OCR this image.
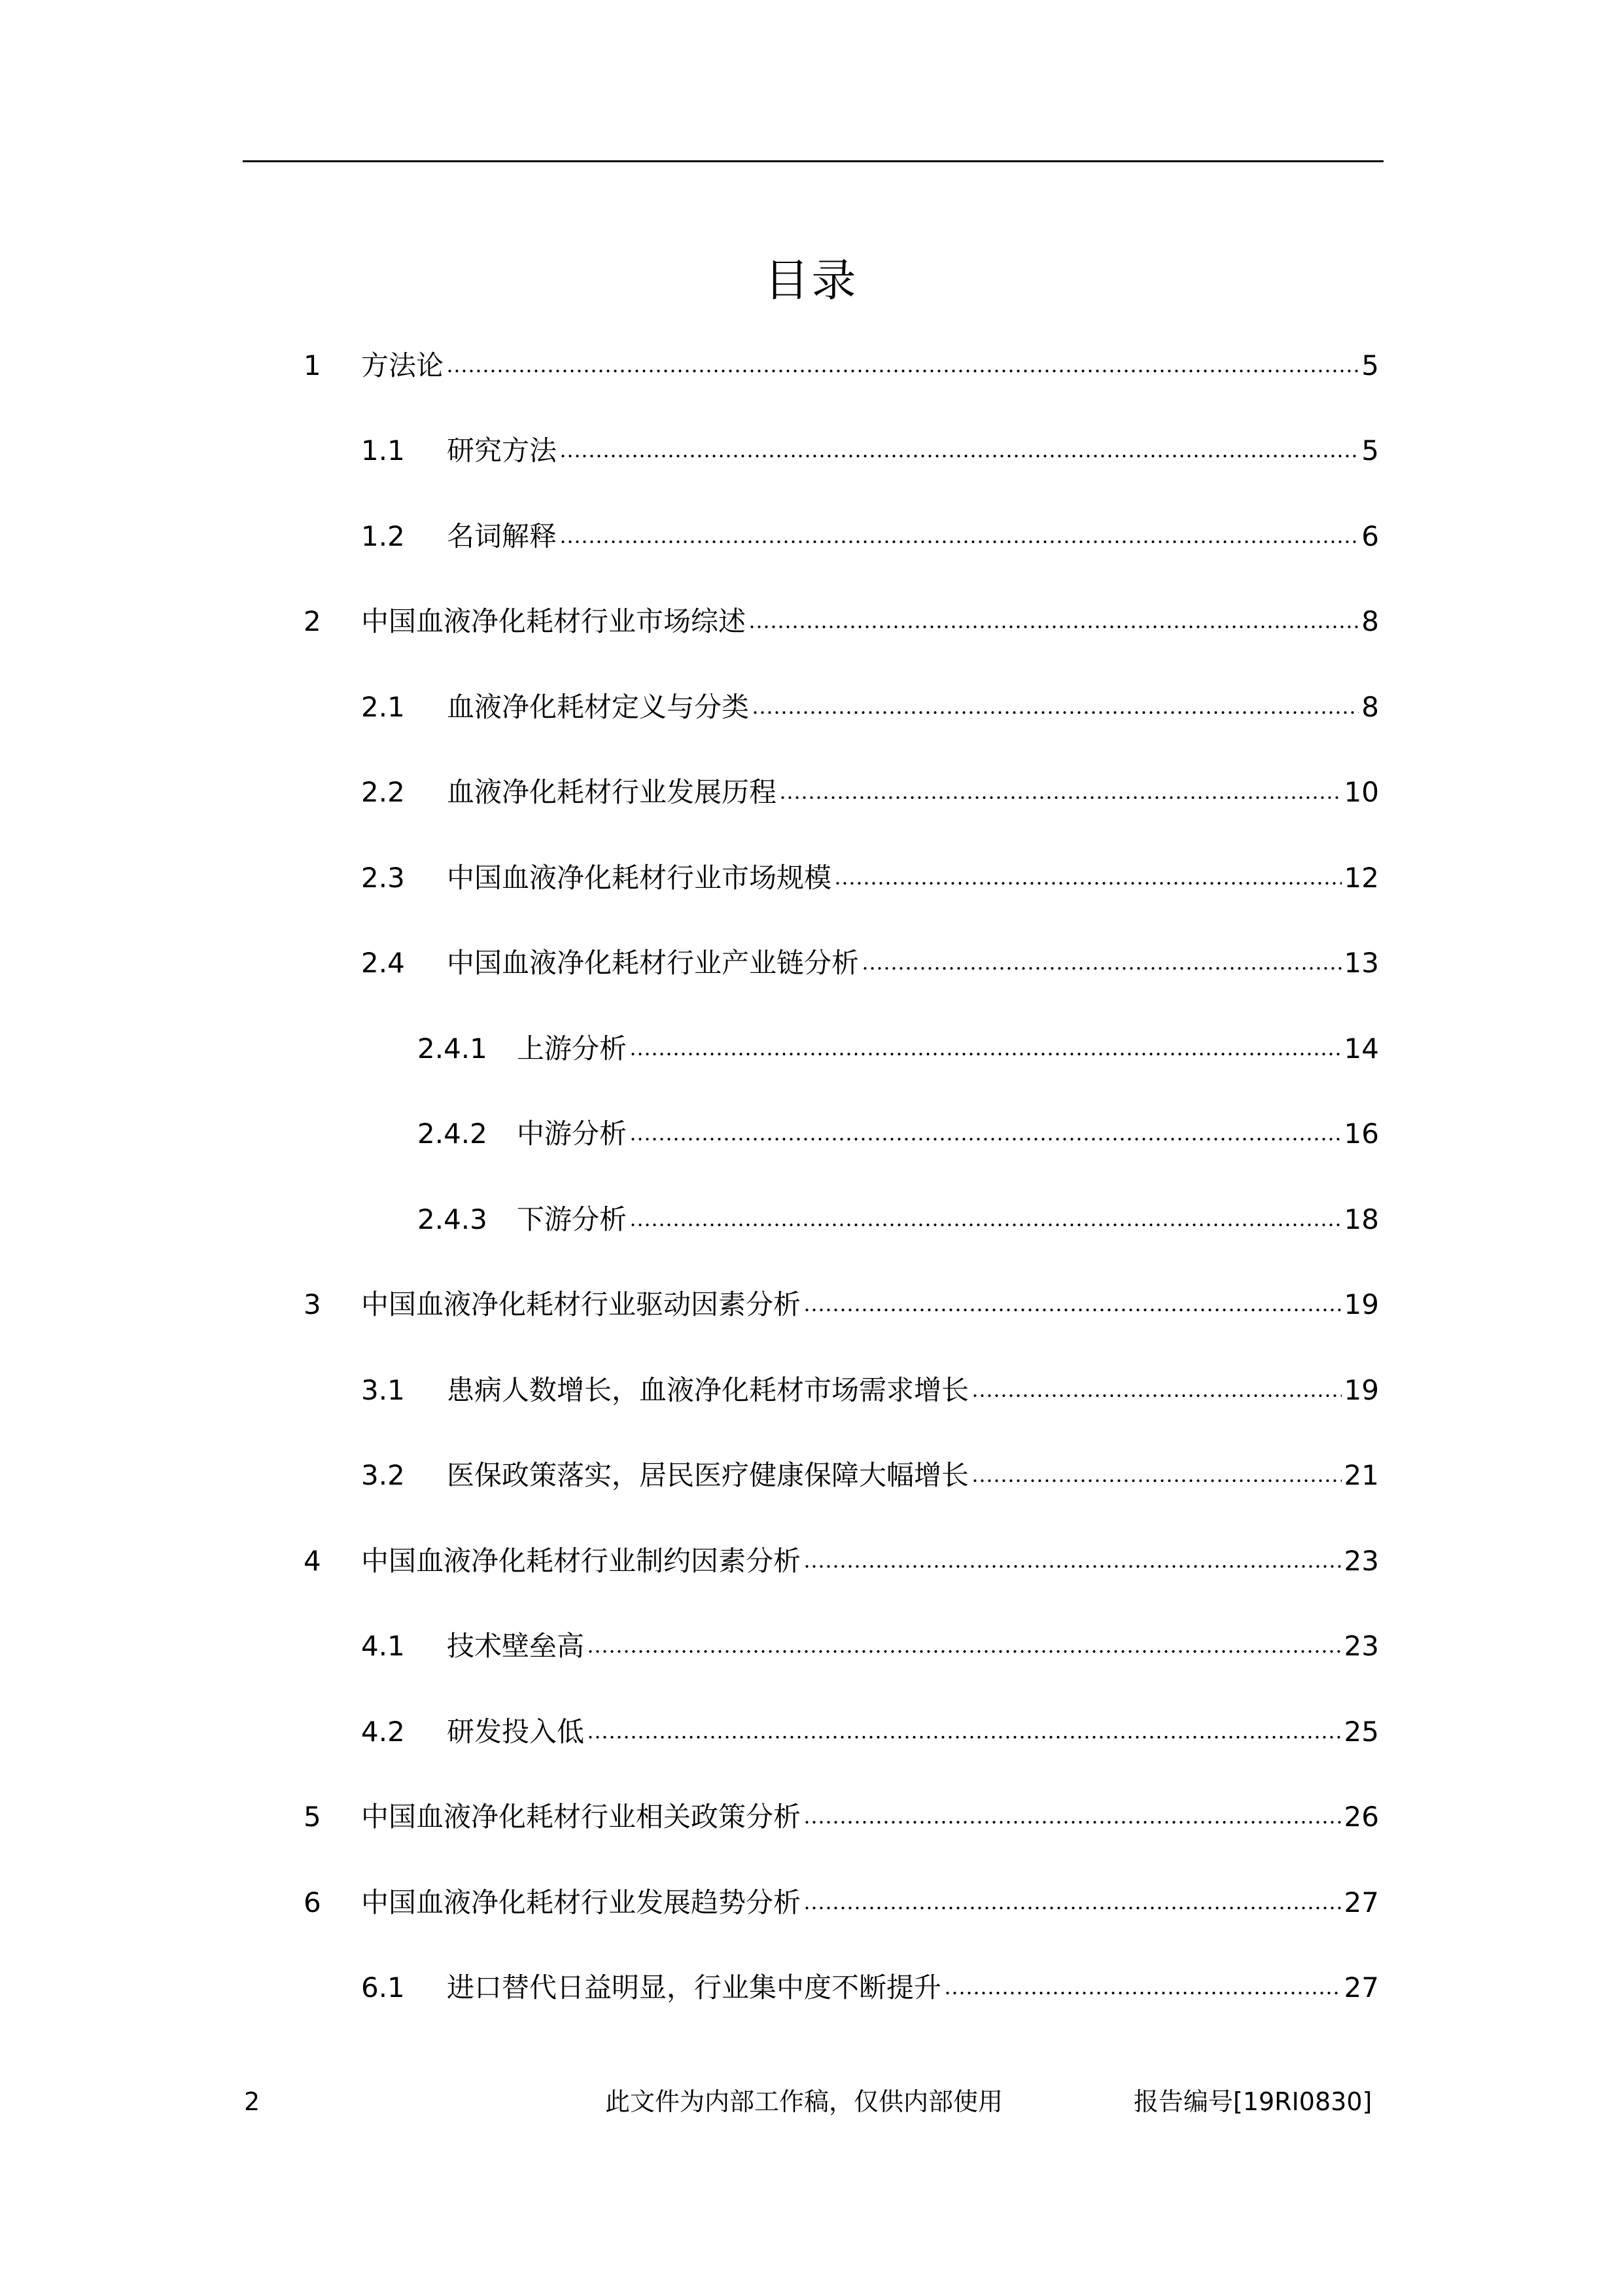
目录
1	方法论	5
1.1	研究方法	5
1.2	名词解释	6
2	中国血液净化耗材行业市场综述	8
2.1	血液净化耗材定义与分类	8
2.2	血液净化耗材行业发展历程	10
2.3	中国血液净化耗材行业市场规模	12
2.4	中国血液净化耗材行业产业链分析	13
2.4.1	上游分析	14
2.4.2	中游分析	16
2.4.3	下游分析	18
3	中国血液净化耗材行业驱动因素分析	19
3.1	患病人数增长，血液净化耗材市场需求增长	19
3.2	医保政策落实，居民医疗健康保障大幅增长	21
4	中国血液净化耗材行业制约因素分析	23
4.1	技术壁垒高	23
4.2	研发投入低	25
5	中国血液净化耗材行业相关政策分析	26
6	中国血液净化耗材行业发展趋势分析	27
6.1	进口替代日益明显，行业集中度不断提升	27
2	此文件为内部工作稿，仅供内部使用	报告编号[19RI0830]
